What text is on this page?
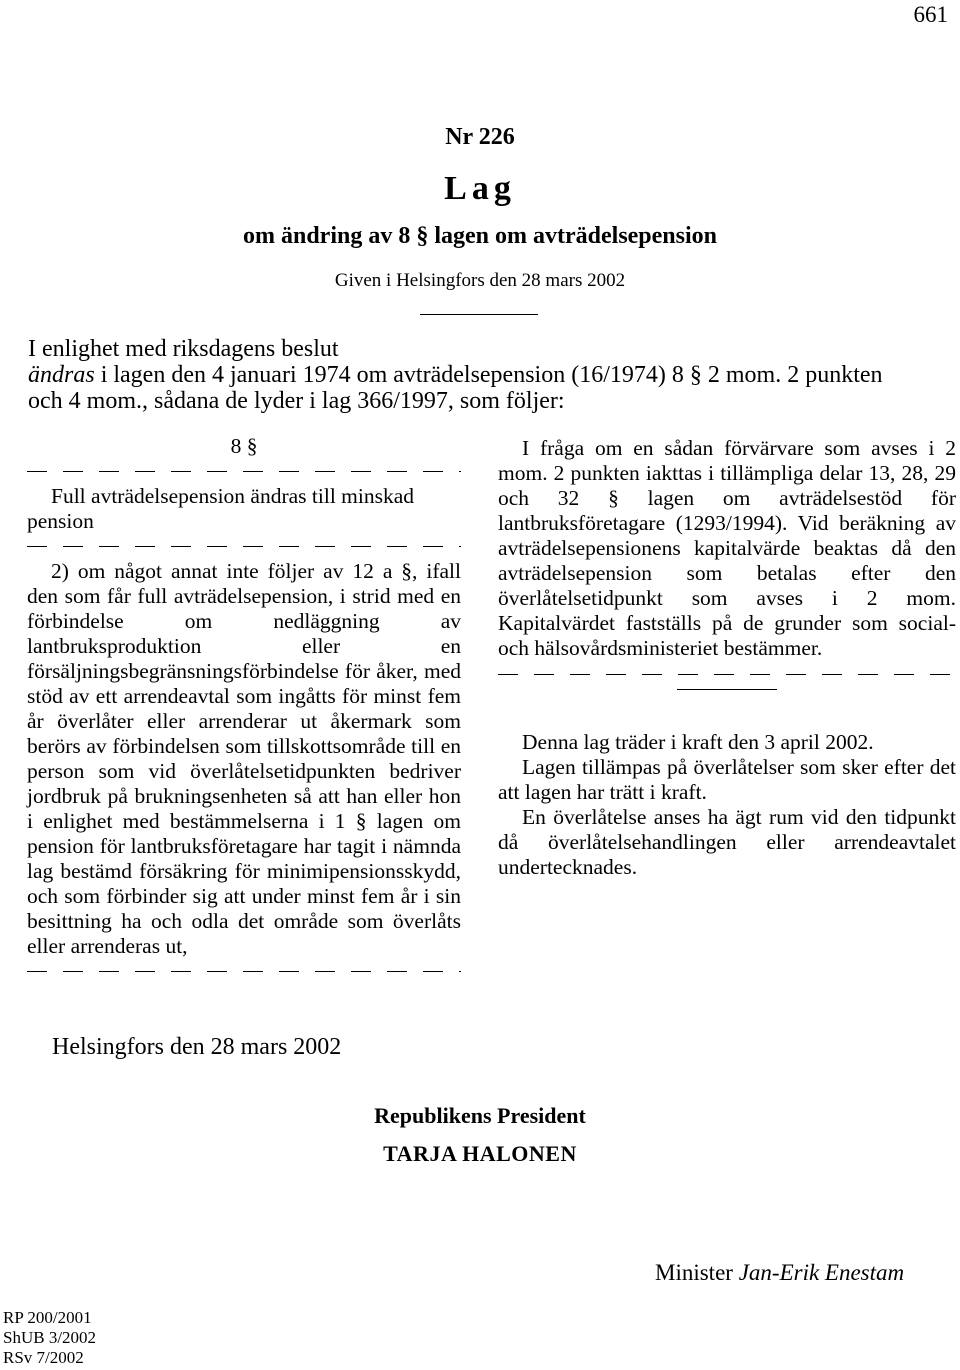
661
Nr 226
Lag
om ändring av 8 § lagen om avträdelsepension
Given i Helsingfors den 28 mars 2002

I enlighet med riksdagens beslut

ändras i lagen den 4 januari 1974 om avträdelsepension (16/1974) 8 § 2 mom. 2 punkten

och 4 mom., sådana de lyder i lag 366/1997, som följer:

8 §

Full avträdelsepension ändras till minskad pension

2) om något annat inte följer av 12 a §, ifall den som får full avträdelsepension, i strid med en förbindelse om nedläggning av lantbruksproduktion eller en försäljningsbegränsningsförbindelse för åker, med stöd av ett arrendeavtal som ingåtts för minst fem år överlåter eller arrenderar ut åkermark som berörs av förbindelsen som tillskottsområde till en person som vid överlåtelsetidpunkten bedriver jordbruk på brukningsenheten så att han eller hon i enlighet med bestämmelserna i 1 § lagen om pension för lantbruksföretagare har tagit i nämnda lag bestämd försäkring för minimipensionsskydd, och som förbinder sig att under minst fem år i sin besittning ha och odla det område som överlåts eller arrenderas ut,

I fråga om en sådan förvärvare som avses i 2 mom. 2 punkten iakttas i tillämpliga delar 13, 28, 29 och 32 § lagen om avträdelsestöd för lantbruksföretagare (1293/1994). Vid beräkning av avträdelsepensionens kapitalvärde beaktas då den avträdelsepension som betalas efter den överlåtelsetidpunkt som avses i 2 mom. Kapitalvärdet fastställs på de grunder som social- och hälsovårdsministeriet bestämmer.

Denna lag träder i kraft den 3 april 2002.

Lagen tillämpas på överlåtelser som sker efter det att lagen har trätt i kraft.

En överlåtelse anses ha ägt rum vid den tidpunkt då överlåtelsehandlingen eller arrendeavtalet undertecknades.

Helsingfors den 28 mars 2002
Republikens President
TARJA HALONEN
Minister Jan-Erik Enestam
RP 200/2001
ShUB 3/2002
RSv 7/2002
